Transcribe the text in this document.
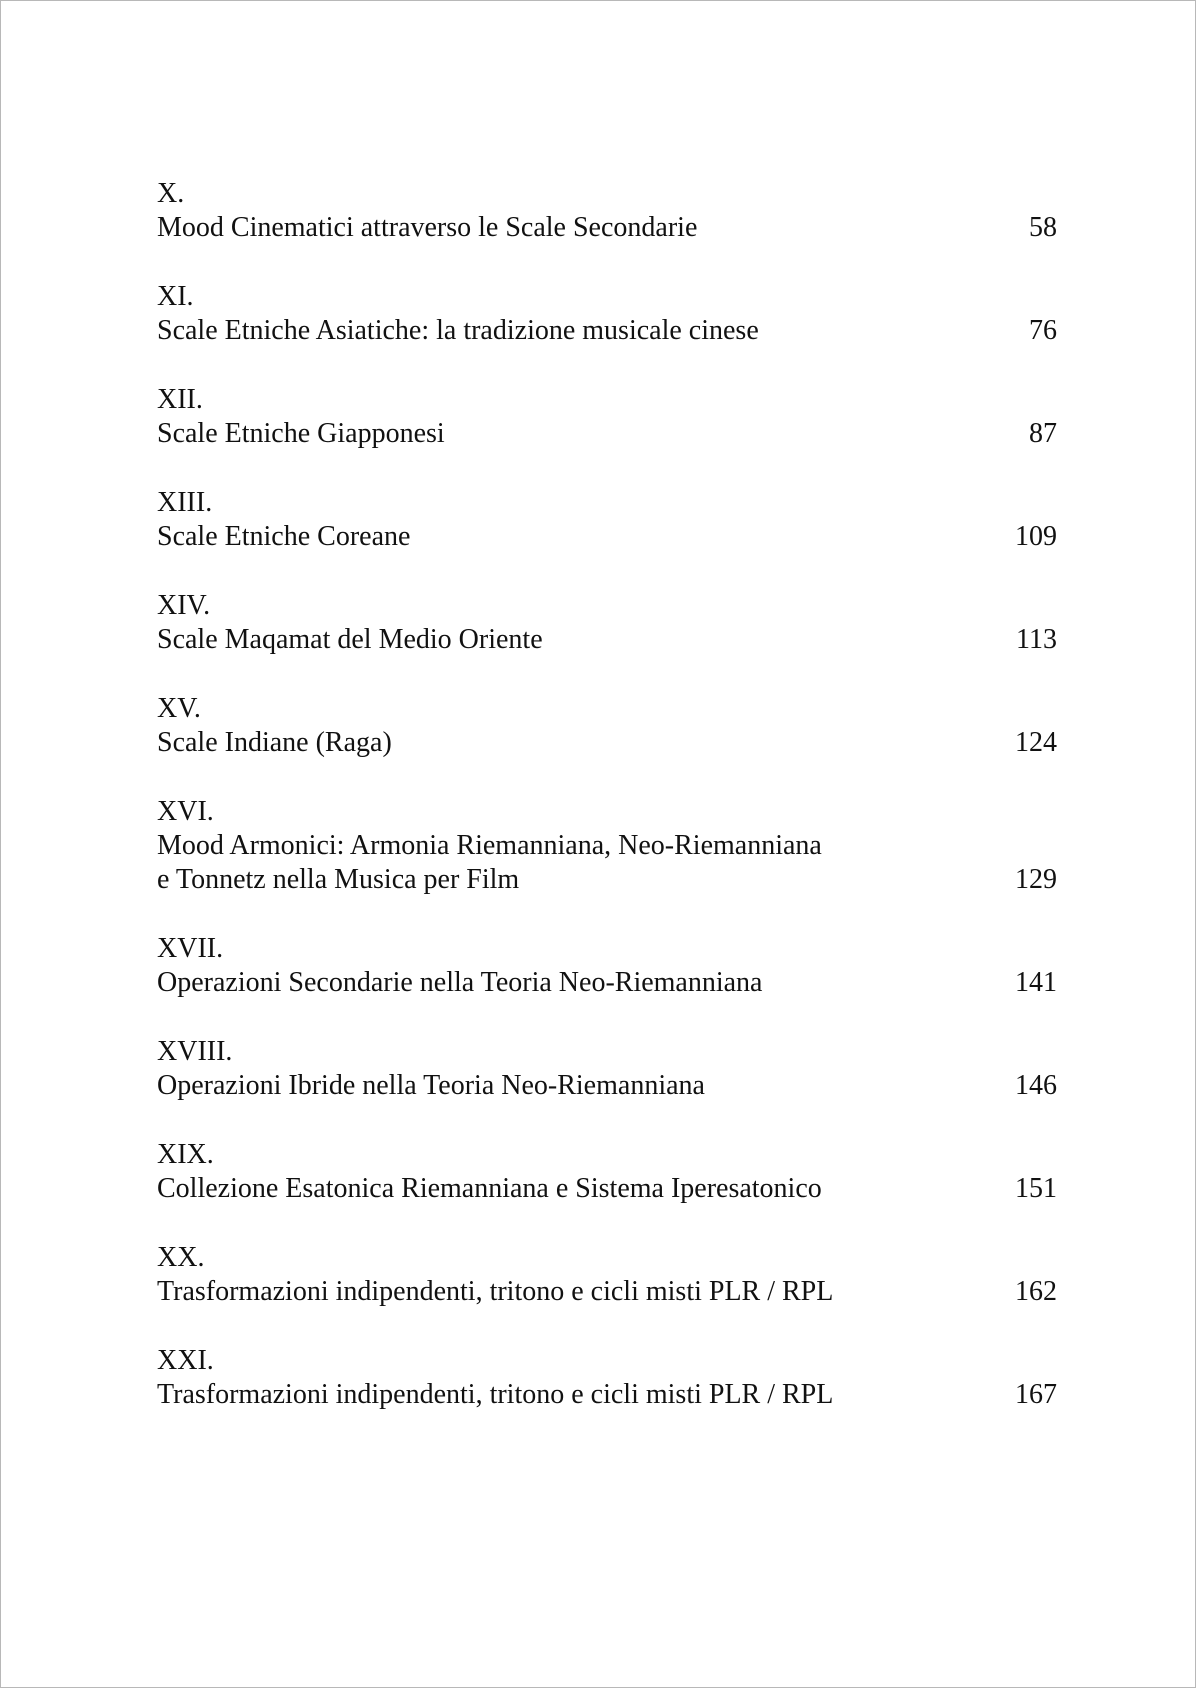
X.
Mood Cinematici attraverso le Scale Secondarie	58
XI.
Scale Etniche Asiatiche: la tradizione musicale cinese	76
XII.
Scale Etniche Giapponesi	87
XIII.
Scale Etniche Coreane	109
XIV.
Scale Maqamat del Medio Oriente	113
XV.
Scale Indiane (Raga)	124
XVI.
Mood Armonici: Armonia Riemanniana, Neo-Riemanniana
e Tonnetz nella Musica per Film	129
XVII.
Operazioni Secondarie nella Teoria Neo-Riemanniana	141
XVIII.
Operazioni Ibride nella Teoria Neo-Riemanniana	146
XIX.
Collezione Esatonica Riemanniana e Sistema Iperesatonico	151
XX.
Trasformazioni indipendenti, tritono e cicli misti PLR / RPL	162
XXI.
Trasformazioni indipendenti, tritono e cicli misti PLR / RPL	167
